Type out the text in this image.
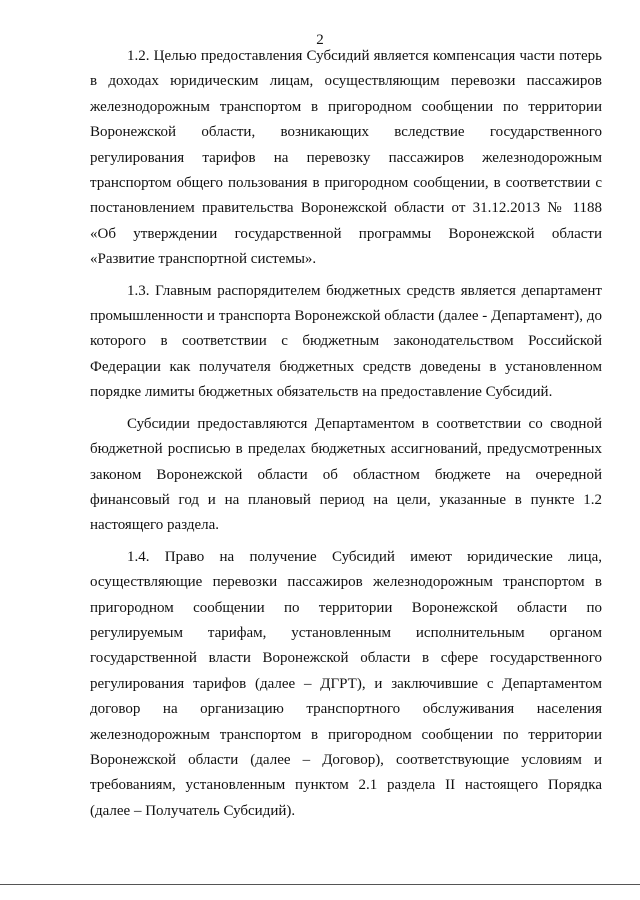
2

1.2. Целью предоставления Субсидий является компенсация части потерь в доходах юридическим лицам, осуществляющим перевозки пассажиров железнодорожным транспортом в пригородном сообщении по территории Воронежской области, возникающих вследствие государственного регулирования тарифов на перевозку пассажиров железнодорожным транспортом общего пользования в пригородном сообщении, в соответствии с постановлением правительства Воронежской области от 31.12.2013 № 1188 «Об утверждении государственной программы Воронежской области «Развитие транспортной системы».

1.3. Главным распорядителем бюджетных средств является департамент промышленности и транспорта Воронежской области (далее - Департамент), до которого в соответствии с бюджетным законодательством Российской Федерации как получателя бюджетных средств доведены в установленном порядке лимиты бюджетных обязательств на предоставление Субсидий.

Субсидии предоставляются Департаментом в соответствии со сводной бюджетной росписью в пределах бюджетных ассигнований, предусмотренных законом Воронежской области об областном бюджете на очередной финансовый год и на плановый период на цели, указанные в пункте 1.2 настоящего раздела.

1.4. Право на получение Субсидий имеют юридические лица, осуществляющие перевозки пассажиров железнодорожным транспортом в пригородном сообщении по территории Воронежской области по регулируемым тарифам, установленным исполнительным органом государственной власти Воронежской области в сфере государственного регулирования тарифов (далее – ДГРТ), и заключившие с Департаментом договор на организацию транспортного обслуживания населения железнодорожным транспортом в пригородном сообщении по территории Воронежской области (далее – Договор), соответствующие условиям и требованиям, установленным пунктом 2.1 раздела II настоящего Порядка (далее – Получатель Субсидий).
